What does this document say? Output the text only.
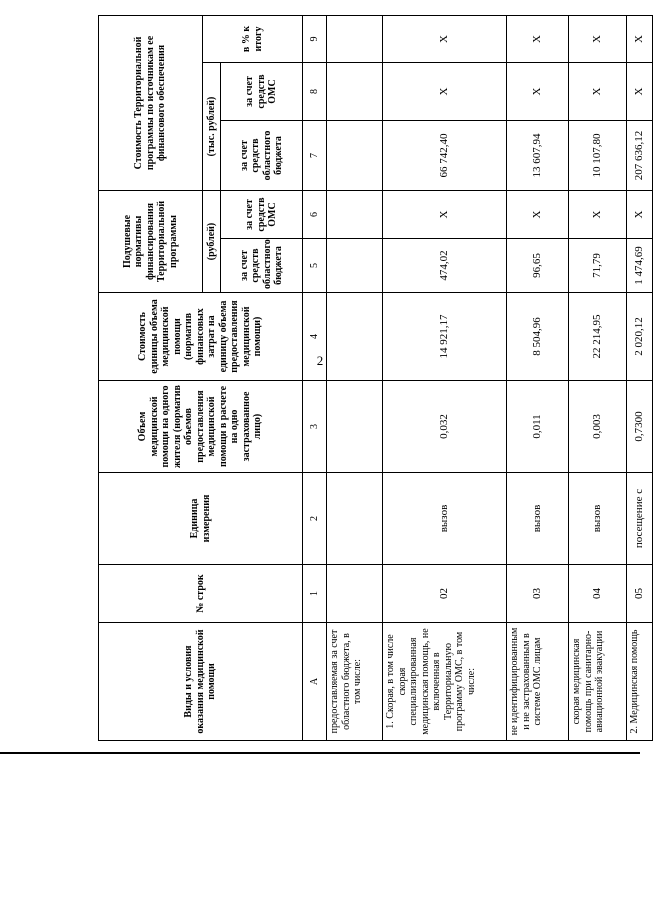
2
Виды и условия оказания медицинской помощи	№ строк	Единица измерения	Объем медицинской помощи на одного жителя (норматив объемов предоставления медицинской помощи в расчете на одно застрахованное лицо)	Стоимость единицы объема медицинской помощи (норматив финансовых затрат на единицу объема предоставления медицинской помощи)	Подушевые нормативы финансирования Территориальной программы		Стоимость Территориальной программы по источникам ее финансового обеспечения		
					(рублей)		(тыс. рублей)		в % к итогу
					за счет средств областного бюджета	за счет средств ОМС	за счет средств областного бюджета	за счет средств ОМС	
A	1	2	3	4	5	6	7	8	9
предоставляемая за счет областного бюджета, в том числе:									
1. Скорая, в том числе скорая специализированная медицинская помощь, не включенная в Территориальную программу ОМС, в том числе:	02	вызов	0,032	14 921,17	474,02	X	66 742,40	X	X
не идентифицированным и не застрахованным в системе ОМС лицам	03	вызов	0,011	8 504,96	96,65	X	13 607,94	X	X
скорая медицинская помощь при санитарно-авиационной эвакуации	04	вызов	0,003	22 214,95	71,79	X	10 107,80	X	X
2. Медицинская помощь	05	посещение с	0,7300	2 020,12	1 474,69	X	207 636,12	X	X
